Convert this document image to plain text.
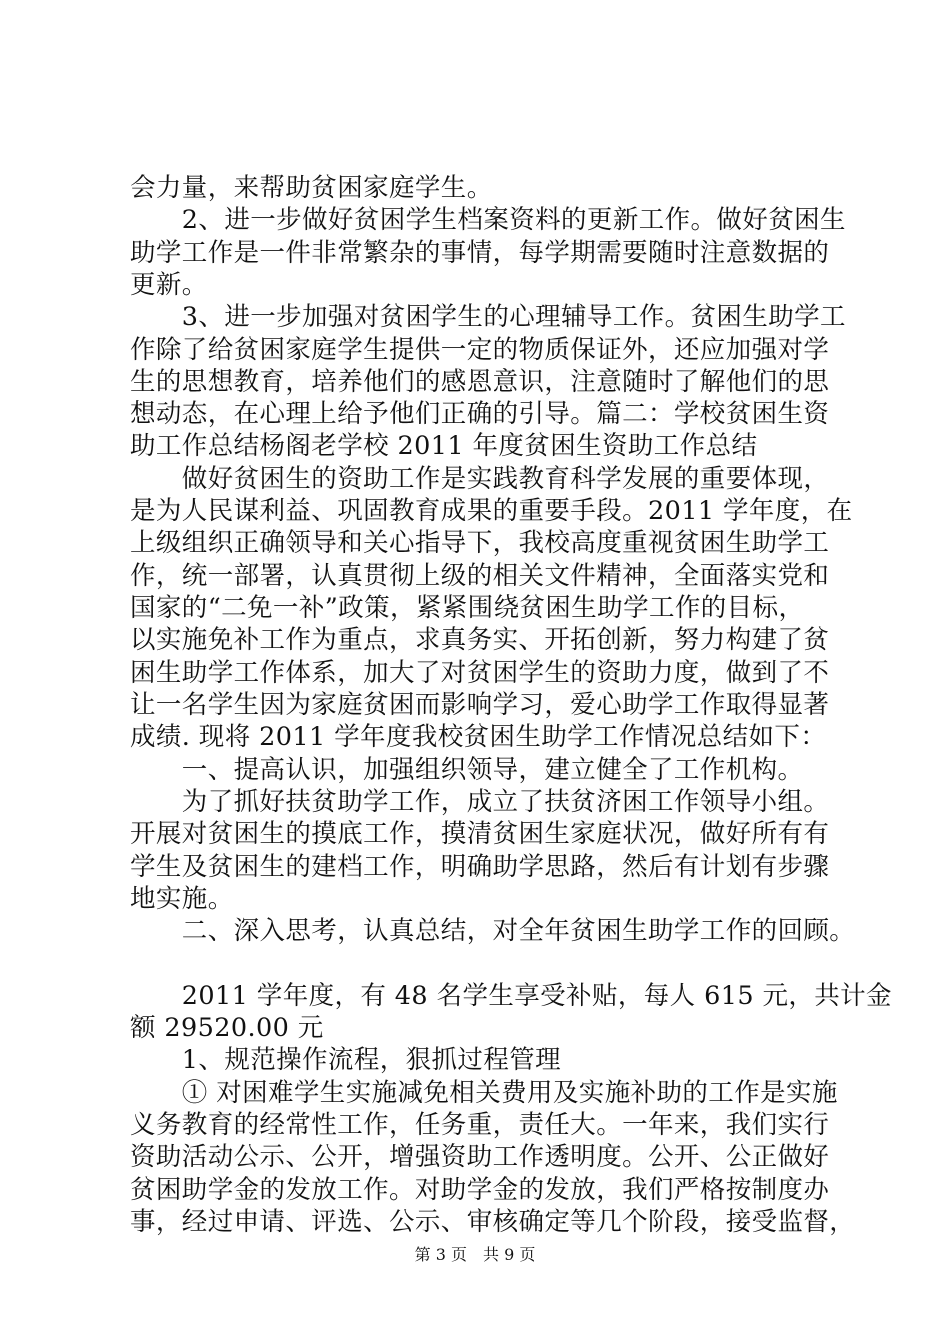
会力量，来帮助贫困家庭学生。
　　2、进一步做好贫困学生档案资料的更新工作。做好贫困生
助学工作是一件非常繁杂的事情，每学期需要随时注意数据的
更新。
　　3、进一步加强对贫困学生的心理辅导工作。贫困生助学工
作除了给贫困家庭学生提供一定的物质保证外，还应加强对学
生的思想教育，培养他们的感恩意识，注意随时了解他们的思
想动态，在心理上给予他们正确的引导。篇二：学校贫困生资
助工作总结杨阁老学校 2011 年度贫困生资助工作总结
　　做好贫困生的资助工作是实践教育科学发展的重要体现，
是为人民谋利益、巩固教育成果的重要手段。2011 学年度，在
上级组织正确领导和关心指导下，我校高度重视贫困生助学工
作，统一部署，认真贯彻上级的相关文件精神，全面落实党和
国家的“二免一补”政策，紧紧围绕贫困生助学工作的目标，
以实施免补工作为重点，求真务实、开拓创新，努力构建了贫
困生助学工作体系，加大了对贫困学生的资助力度，做到了不
让一名学生因为家庭贫困而影响学习，爱心助学工作取得显著
成绩. 现将 2011 学年度我校贫困生助学工作情况总结如下：
　　一、提高认识，加强组织领导，建立健全了工作机构。
　　为了抓好扶贫助学工作，成立了扶贫济困工作领导小组。
开展对贫困生的摸底工作，摸清贫困生家庭状况，做好所有有
学生及贫困生的建档工作，明确助学思路，然后有计划有步骤
地实施。
　　二、深入思考，认真总结，对全年贫困生助学工作的回顾。
　　2011 学年度，有 48 名学生享受补贴，每人 615 元，共计金
额 29520.00 元
　　1、规范操作流程，狠抓过程管理
　　① 对困难学生实施减免相关费用及实施补助的工作是实施
义务教育的经常性工作，任务重，责任大。一年来，我们实行
资助活动公示、公开，增强资助工作透明度。公开、公正做好
贫困助学金的发放工作。对助学金的发放，我们严格按制度办
事，经过申请、评选、公示、审核确定等几个阶段，接受监督，
第 3 页　共 9 页
